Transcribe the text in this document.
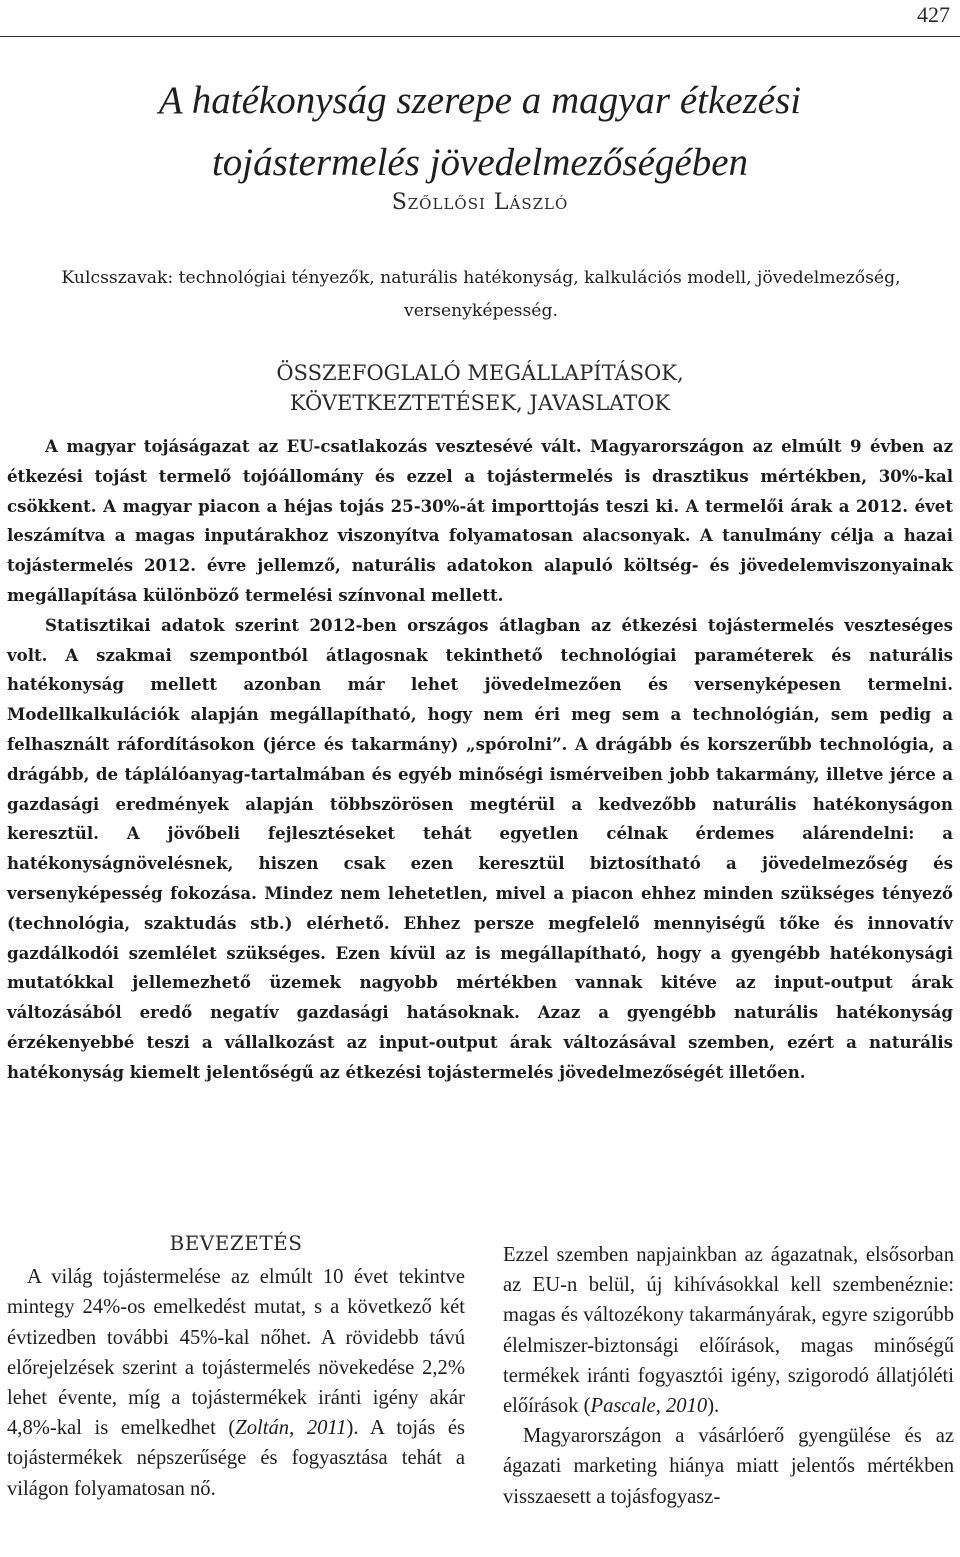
427
A hatékonyság szerepe a magyar étkezési
tojástermelés jövedelmezőségében
Szőllősi László
Kulcsszavak: technológiai tényezők, naturális hatékonyság, kalkulációs modell, jövedelmezőség, versenyképesség.
ÖSSZEFOGLALÓ MEGÁLLAPÍTÁSOK,
KÖVETKEZTETÉSEK, JAVASLATOK

A magyar tojáságazat az EU-csatlakozás vesztesévé vált. Magyarországon az elmúlt 9 évben az étkezési tojást termelő tojóállomány és ezzel a tojástermelés is drasztikus mértékben, 30%-kal csökkent. A magyar piacon a héjas tojás 25-30%-át importtojás teszi ki. A termelői árak a 2012. évet leszámítva a magas inputárakhoz viszonyítva folyamatosan alacsonyak. A tanulmány célja a hazai tojástermelés 2012. évre jellemző, naturális adatokon alapuló költség- és jövedelemviszonyainak megállapítása különböző termelési színvonal mellett.

Statisztikai adatok szerint 2012-ben országos átlagban az étkezési tojástermelés veszteséges volt. A szakmai szempontból átlagosnak tekinthető technológiai paraméterek és naturális hatékonyság mellett azonban már lehet jövedelmezően és versenyképesen termelni. Modellkalkulációk alapján megállapítható, hogy nem éri meg sem a technológián, sem pedig a felhasznált ráfordításokon (jérce és takarmány) „spórolni”. A drágább és korszerűbb technológia, a drágább, de táplálóanyag-tartalmában és egyéb minőségi ismérveiben jobb takarmány, illetve jérce a gazdasági eredmények alapján többszörösen megtérül a kedvezőbb naturális hatékonyságon keresztül. A jövőbeli fejlesztéseket tehát egyetlen célnak érdemes alárendelni: a hatékonyságnövelésnek, hiszen csak ezen keresztül biztosítható a jövedelmezőség és versenyképesség fokozása. Mindez nem lehetetlen, mivel a piacon ehhez minden szükséges tényező (technológia, szaktudás stb.) elérhető. Ehhez persze megfelelő mennyiségű tőke és innovatív gazdálkodói szemlélet szükséges. Ezen kívül az is megállapítható, hogy a gyengébb hatékonysági mutatókkal jellemezhető üzemek nagyobb mértékben vannak kitéve az input-output árak változásából eredő negatív gazdasági hatásoknak. Azaz a gyengébb naturális hatékonyság érzékenyebbé teszi a vállalkozást az input-output árak változásával szemben, ezért a naturális hatékonyság kiemelt jelentőségű az étkezési tojástermelés jövedelmezőségét illetően.

BEVEZETÉS

A világ tojástermelése az elmúlt 10 évet tekintve mintegy 24%-os emelkedést mutat, s a következő két évtizedben további 45%-kal nőhet. A rövidebb távú előrejelzések szerint a tojástermelés növekedése 2,2% lehet évente, míg a tojástermékek iránti igény akár 4,8%-kal is emelkedhet (Zoltán, 2011). A tojás és tojástermékek népszerűsége és fogyasztása tehát a világon folyamatosan nő.

Ezzel szemben napjainkban az ágazatnak, elsősorban az EU-n belül, új kihívásokkal kell szembenéznie: magas és változékony takarmányárak, egyre szigorúbb élelmiszer-biztonsági előírások, magas minőségű termékek iránti fogyasztói igény, szigorodó állatjóléti előírások (Pascale, 2010).

Magyarországon a vásárlóerő gyengülése és az ágazati marketing hiánya miatt jelentős mértékben visszaesett a tojásfogyasz-
